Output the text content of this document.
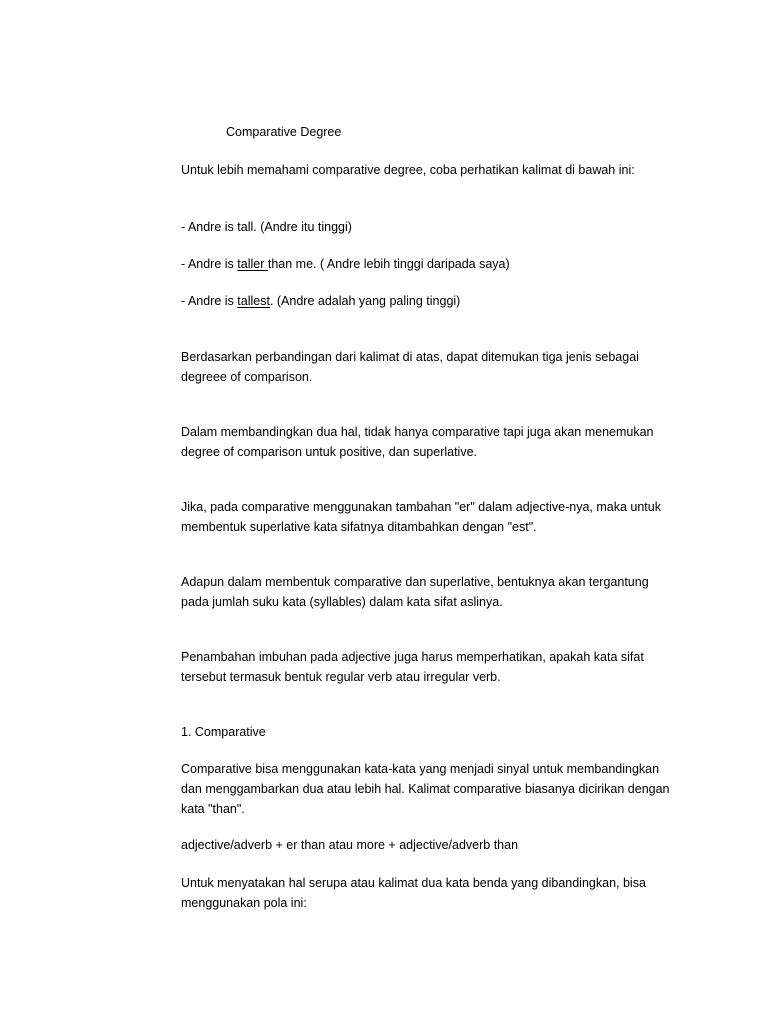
Comparative Degree
Untuk lebih memahami comparative degree, coba perhatikan kalimat di bawah ini:
- Andre is tall. (Andre itu tinggi)
- Andre is taller than me. ( Andre lebih tinggi daripada saya)
- Andre is tallest. (Andre adalah yang paling tinggi)
Berdasarkan perbandingan dari kalimat di atas, dapat ditemukan tiga jenis sebagai
degreee of comparison.
Dalam membandingkan dua hal, tidak hanya comparative tapi juga akan menemukan
degree of comparison untuk positive, dan superlative.
Jika, pada comparative menggunakan tambahan "er" dalam adjective-nya, maka untuk
membentuk superlative kata sifatnya ditambahkan dengan "est".
Adapun dalam membentuk comparative dan superlative, bentuknya akan tergantung
pada jumlah suku kata (syllables) dalam kata sifat aslinya.
Penambahan imbuhan pada adjective juga harus memperhatikan, apakah kata sifat
tersebut termasuk bentuk regular verb atau irregular verb.
1. Comparative
Comparative bisa menggunakan kata-kata yang menjadi sinyal untuk membandingkan
dan menggambarkan dua atau lebih hal. Kalimat comparative biasanya dicirikan dengan
kata "than".
adjective/adverb + er than atau more + adjective/adverb than
Untuk menyatakan hal serupa atau kalimat dua kata benda yang dibandingkan, bisa
menggunakan pola ini:
